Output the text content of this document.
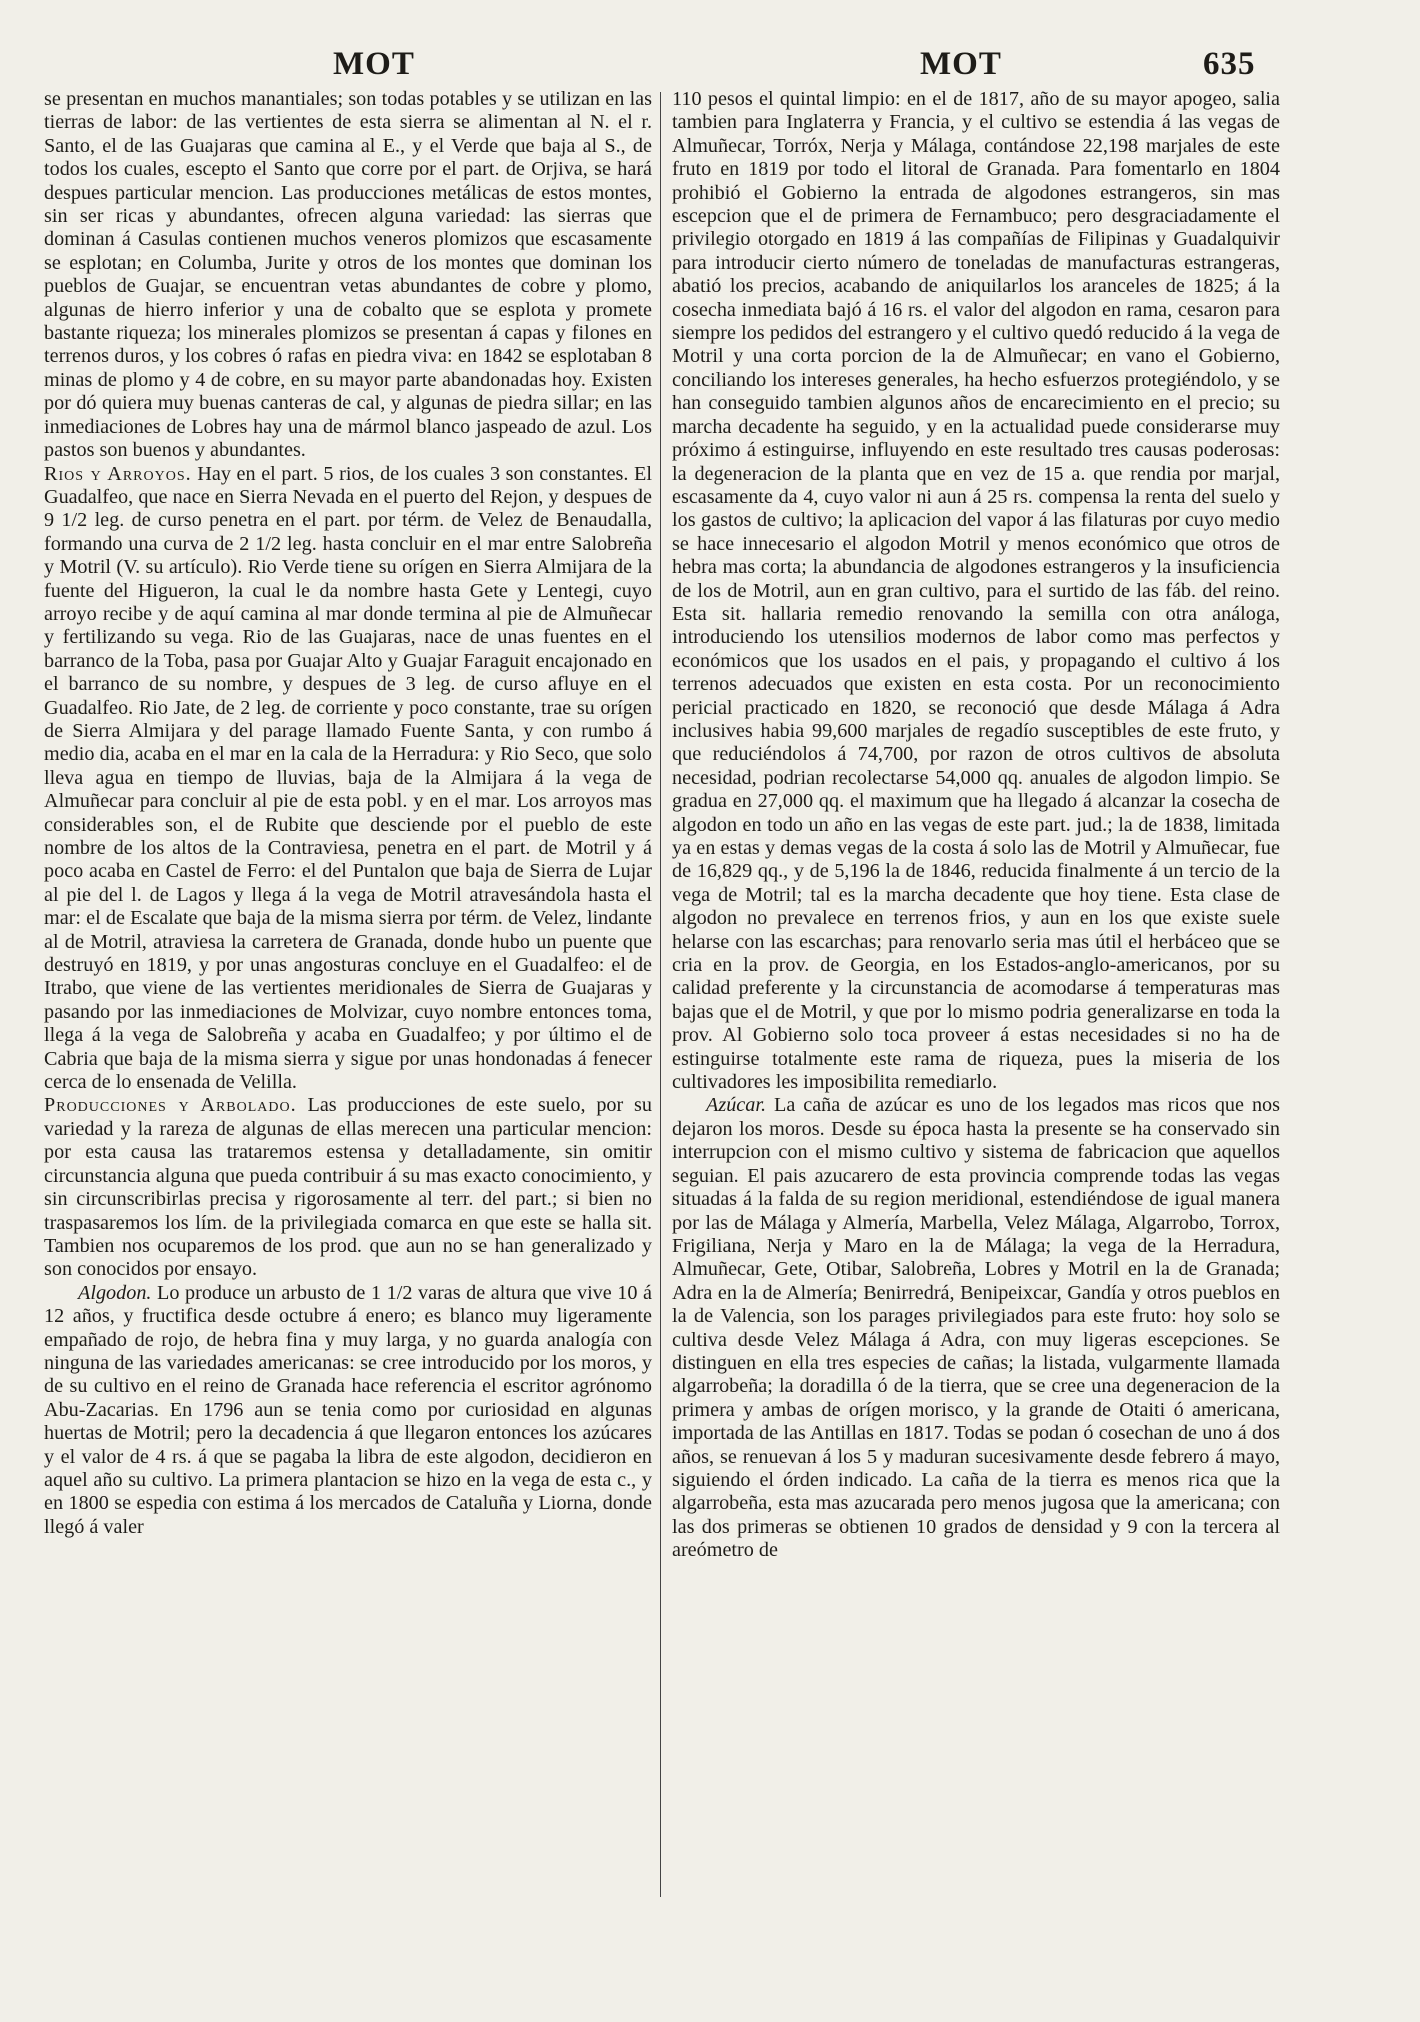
MOT	MOT	635

se presentan en muchos manantiales; son todas potables y se utilizan en las tierras de labor: de las vertientes de esta sierra se alimentan al N. el r. Santo, el de las Guajaras que camina al E., y el Verde que baja al S., de todos los cuales, escepto el Santo que corre por el part. de Orjiva, se hará despues particular mencion. Las producciones metálicas de estos montes, sin ser ricas y abundantes, ofrecen alguna variedad: las sierras que dominan á Casulas contienen muchos veneros plomizos que escasamente se esplotan; en Columba, Jurite y otros de los montes que dominan los pueblos de Guajar, se encuentran vetas abundantes de cobre y plomo, algunas de hierro inferior y una de cobalto que se esplota y promete bastante riqueza; los minerales plomizos se presentan á capas y filones en terrenos duros, y los cobres ó rafas en piedra viva: en 1842 se esplotaban 8 minas de plomo y 4 de cobre, en su mayor parte abandonadas hoy. Existen por dó quiera muy buenas canteras de cal, y algunas de piedra sillar; en las inmediaciones de Lobres hay una de mármol blanco jaspeado de azul. Los pastos son buenos y abundantes.

Rios y Arroyos. Hay en el part. 5 rios, de los cuales 3 son constantes. El Guadalfeo, que nace en Sierra Nevada en el puerto del Rejon, y despues de 9 1/2 leg. de curso penetra en el part. por térm. de Velez de Benaudalla, formando una curva de 2 1/2 leg. hasta concluir en el mar entre Salobreña y Motril (V. su artículo). Rio Verde tiene su orígen en Sierra Almijara de la fuente del Higueron, la cual le da nombre hasta Gete y Lentegi, cuyo arroyo recibe y de aquí camina al mar donde termina al pie de Almuñecar y fertilizando su vega. Rio de las Guajaras, nace de unas fuentes en el barranco de la Toba, pasa por Guajar Alto y Guajar Faraguit encajonado en el barranco de su nombre, y despues de 3 leg. de curso afluye en el Guadalfeo. Rio Jate, de 2 leg. de corriente y poco constante, trae su orígen de Sierra Almijara y del parage llamado Fuente Santa, y con rumbo á medio dia, acaba en el mar en la cala de la Herradura: y Rio Seco, que solo lleva agua en tiempo de lluvias, baja de la Almijara á la vega de Almuñecar para concluir al pie de esta pobl. y en el mar. Los arroyos mas considerables son, el de Rubite que desciende por el pueblo de este nombre de los altos de la Contraviesa, penetra en el part. de Motril y á poco acaba en Castel de Ferro: el del Puntalon que baja de Sierra de Lujar al pie del l. de Lagos y llega á la vega de Motril atravesándola hasta el mar: el de Escalate que baja de la misma sierra por térm. de Velez, lindante al de Motril, atraviesa la carretera de Granada, donde hubo un puente que destruyó en 1819, y por unas angosturas concluye en el Guadalfeo: el de Itrabo, que viene de las vertientes meridionales de Sierra de Guajaras y pasando por las inmediaciones de Molvizar, cuyo nombre entonces toma, llega á la vega de Salobreña y acaba en Guadalfeo; y por último el de Cabria que baja de la misma sierra y sigue por unas hondonadas á fenecer cerca de lo ensenada de Velilla.

Producciones y Arbolado. Las producciones de este suelo, por su variedad y la rareza de algunas de ellas merecen una particular mencion: por esta causa las trataremos estensa y detalladamente, sin omitir circunstancia alguna que pueda contribuir á su mas exacto conocimiento, y sin circunscribirlas precisa y rigorosamente al terr. del part.; si bien no traspasaremos los lím. de la privilegiada comarca en que este se halla sit. Tambien nos ocuparemos de los prod. que aun no se han generalizado y son conocidos por ensayo.

Algodon. Lo produce un arbusto de 1 1/2 varas de altura que vive 10 á 12 años, y fructifica desde octubre á enero; es blanco muy ligeramente empañado de rojo, de hebra fina y muy larga, y no guarda analogía con ninguna de las variedades americanas: se cree introducido por los moros, y de su cultivo en el reino de Granada hace referencia el escritor agrónomo Abu-Zacarias. En 1796 aun se tenia como por curiosidad en algunas huertas de Motril; pero la decadencia á que llegaron entonces los azúcares y el valor de 4 rs. á que se pagaba la libra de este algodon, decidieron en aquel año su cultivo. La primera plantacion se hizo en la vega de esta c., y en 1800 se espedia con estima á los mercados de Cataluña y Liorna, donde llegó á valer

110 pesos el quintal limpio: en el de 1817, año de su mayor apogeo, salia tambien para Inglaterra y Francia, y el cultivo se estendia á las vegas de Almuñecar, Torróx, Nerja y Málaga, contándose 22,198 marjales de este fruto en 1819 por todo el litoral de Granada. Para fomentarlo en 1804 prohibió el Gobierno la entrada de algodones estrangeros, sin mas escepcion que el de primera de Fernambuco; pero desgraciadamente el privilegio otorgado en 1819 á las compañías de Filipinas y Guadalquivir para introducir cierto número de toneladas de manufacturas estrangeras, abatió los precios, acabando de aniquilarlos los aranceles de 1825; á la cosecha inmediata bajó á 16 rs. el valor del algodon en rama, cesaron para siempre los pedidos del estrangero y el cultivo quedó reducido á la vega de Motril y una corta porcion de la de Almuñecar; en vano el Gobierno, conciliando los intereses generales, ha hecho esfuerzos protegiéndolo, y se han conseguido tambien algunos años de encarecimiento en el precio; su marcha decadente ha seguido, y en la actualidad puede considerarse muy próximo á estinguirse, influyendo en este resultado tres causas poderosas: la degeneracion de la planta que en vez de 15 a. que rendia por marjal, escasamente da 4, cuyo valor ni aun á 25 rs. compensa la renta del suelo y los gastos de cultivo; la aplicacion del vapor á las filaturas por cuyo medio se hace innecesario el algodon Motril y menos económico que otros de hebra mas corta; la abundancia de algodones estrangeros y la insuficiencia de los de Motril, aun en gran cultivo, para el surtido de las fáb. del reino. Esta sit. hallaria remedio renovando la semilla con otra análoga, introduciendo los utensilios modernos de labor como mas perfectos y económicos que los usados en el pais, y propagando el cultivo á los terrenos adecuados que existen en esta costa. Por un reconocimiento pericial practicado en 1820, se reconoció que desde Málaga á Adra inclusives habia 99,600 marjales de regadío susceptibles de este fruto, y que reduciéndolos á 74,700, por razon de otros cultivos de absoluta necesidad, podrian recolectarse 54,000 qq. anuales de algodon limpio. Se gradua en 27,000 qq. el maximum que ha llegado á alcanzar la cosecha de algodon en todo un año en las vegas de este part. jud.; la de 1838, limitada ya en estas y demas vegas de la costa á solo las de Motril y Almuñecar, fue de 16,829 qq., y de 5,196 la de 1846, reducida finalmente á un tercio de la vega de Motril; tal es la marcha decadente que hoy tiene. Esta clase de algodon no prevalece en terrenos frios, y aun en los que existe suele helarse con las escarchas; para renovarlo seria mas útil el herbáceo que se cria en la prov. de Georgia, en los Estados-anglo-americanos, por su calidad preferente y la circunstancia de acomodarse á temperaturas mas bajas que el de Motril, y que por lo mismo podria generalizarse en toda la prov. Al Gobierno solo toca proveer á estas necesidades si no ha de estinguirse totalmente este rama de riqueza, pues la miseria de los cultivadores les imposibilita remediarlo.

Azúcar. La caña de azúcar es uno de los legados mas ricos que nos dejaron los moros. Desde su época hasta la presente se ha conservado sin interrupcion con el mismo cultivo y sistema de fabricacion que aquellos seguian. El pais azucarero de esta provincia comprende todas las vegas situadas á la falda de su region meridional, estendiéndose de igual manera por las de Málaga y Almería, Marbella, Velez Málaga, Algarrobo, Torrox, Frigiliana, Nerja y Maro en la de Málaga; la vega de la Herradura, Almuñecar, Gete, Otibar, Salobreña, Lobres y Motril en la de Granada; Adra en la de Almería; Benirredrá, Benipeixcar, Gandía y otros pueblos en la de Valencia, son los parages privilegiados para este fruto: hoy solo se cultiva desde Velez Málaga á Adra, con muy ligeras escepciones. Se distinguen en ella tres especies de cañas; la listada, vulgarmente llamada algarrobeña; la doradilla ó de la tierra, que se cree una degeneracion de la primera y ambas de orígen morisco, y la grande de Otaiti ó americana, importada de las Antillas en 1817. Todas se podan ó cosechan de uno á dos años, se renuevan á los 5 y maduran sucesivamente desde febrero á mayo, siguiendo el órden indicado. La caña de la tierra es menos rica que la algarrobeña, esta mas azucarada pero menos jugosa que la americana; con las dos primeras se obtienen 10 grados de densidad y 9 con la tercera al areómetro de
